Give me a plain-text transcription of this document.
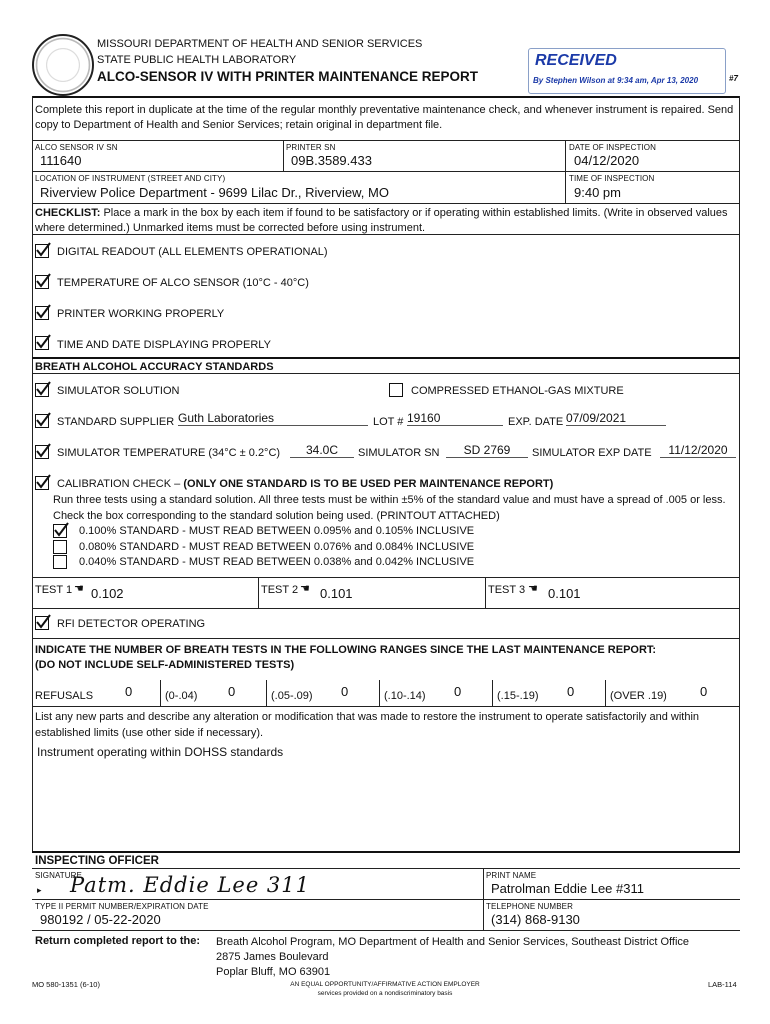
MISSOURI DEPARTMENT OF HEALTH AND SENIOR SERVICES
STATE PUBLIC HEALTH LABORATORY
ALCO-SENSOR IV WITH PRINTER MAINTENANCE REPORT
RECEIVED
By Stephen Wilson at 9:34 am, Apr 13, 2020	#7
Complete this report in duplicate at the time of the regular monthly preventative maintenance check, and whenever instrument is repaired. Send copy to Department of Health and Senior Services; retain original in department file.
ALCO SENSOR IV SN
111640
PRINTER SN
09B.3589.433
DATE OF INSPECTION
04/12/2020
LOCATION OF INSTRUMENT (STREET AND CITY)
Riverview Police Department - 9699 Lilac Dr., Riverview, MO
TIME OF INSPECTION
9:40 pm
CHECKLIST: Place a mark in the box by each item if found to be satisfactory or if operating within established limits. (Write in observed values where determined.) Unmarked items must be corrected before using instrument.
DIGITAL READOUT (ALL ELEMENTS OPERATIONAL)
TEMPERATURE OF ALCO SENSOR (10°C - 40°C)
PRINTER WORKING PROPERLY
TIME AND DATE DISPLAYING PROPERLY
BREATH ALCOHOL ACCURACY STANDARDS
SIMULATOR SOLUTION	COMPRESSED ETHANOL-GAS MIXTURE
STANDARD SUPPLIER Guth Laboratories	LOT # 19160	EXP. DATE 07/09/2021
SIMULATOR TEMPERATURE (34°C ± 0.2°C)	34.0C	SIMULATOR SN	SD 2769	SIMULATOR EXP DATE	11/12/2020
CALIBRATION CHECK – (ONLY ONE STANDARD IS TO BE USED PER MAINTENANCE REPORT)
Run three tests using a standard solution. All three tests must be within ±5% of the standard value and must have a spread of .005 or less. Check the box corresponding to the standard solution being used. (PRINTOUT ATTACHED)
0.100% STANDARD - MUST READ BETWEEN 0.095% and 0.105% INCLUSIVE
0.080% STANDARD - MUST READ BETWEEN 0.076% and 0.084% INCLUSIVE
0.040% STANDARD - MUST READ BETWEEN 0.038% and 0.042% INCLUSIVE
TEST 1 ☚ 0.102	TEST 2 ☚ 0.101	TEST 3 ☚ 0.101
RFI DETECTOR OPERATING
INDICATE THE NUMBER OF BREATH TESTS IN THE FOLLOWING RANGES SINCE THE LAST MAINTENANCE REPORT:
(DO NOT INCLUDE SELF-ADMINISTERED TESTS)
REFUSALS 0	(0-.04) 0	(.05-.09) 0	(.10-.14) 0	(.15-.19) 0	(OVER .19)	0
List any new parts and describe any alteration or modification that was made to restore the instrument to operate satisfactorily and within established limits (use other side if necessary).
Instrument operating within DOHSS standards
INSPECTING OFFICER
SIGNATURE
▸ Patm. Eddie Lee 311	PRINT NAME
Patrolman Eddie Lee #311
TYPE II PERMIT NUMBER/EXPIRATION DATE
980192 / 05-22-2020
TELEPHONE NUMBER
(314) 868-9130
Return completed report to the: Breath Alcohol Program, MO Department of Health and Senior Services, Southeast District Office
2875 James Boulevard
Poplar Bluff, MO 63901
MO 580-1351 (6-10)	AN EQUAL OPPORTUNITY/AFFIRMATIVE ACTION EMPLOYER
services provided on a nondiscriminatory basis
LAB-114
